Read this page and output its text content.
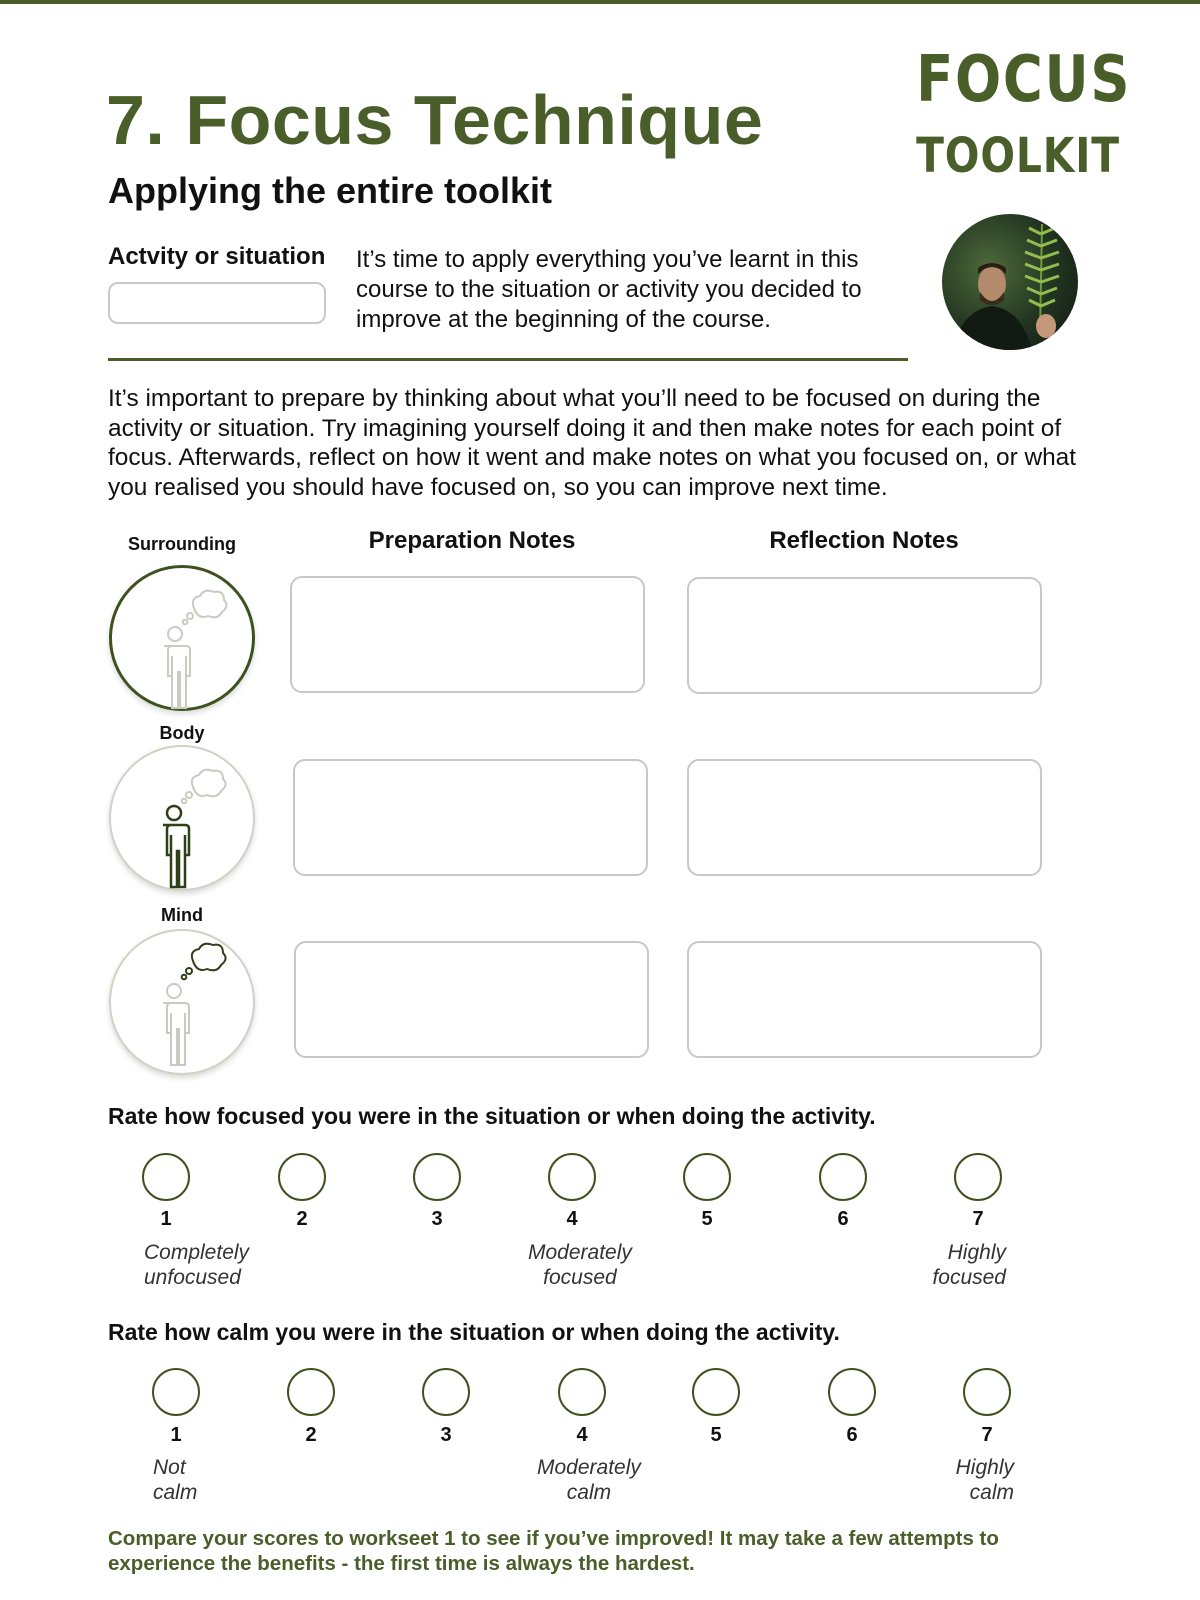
7. Focus Technique
Applying the entire toolkit
FOCUS
TOOLKIT
Actvity or situation It’s time to apply everything you’ve learnt in this course to the situation or activity you decided to improve at the beginning of the course.
It’s important to prepare by thinking about what you’ll need to be focused on during the activity or situation. Try imagining yourself doing it and then make notes for each point of focus. Afterwards, reflect on how it went and make notes on what you focused on, or what you realised you should have focused on, so you can improve next time.
Surrounding	Preparation Notes	Reflection Notes
Body
Mind
Rate how focused you were in the situation or when doing the activity.
1	2	3	4	5	6	7
Completely
unfocused
Moderately
focused
Highly
focused
Rate how calm you were in the situation or when doing the activity.
1	2	3	4	5	6	7
Not
calm
Moderately
calm
Highly
calm
Compare your scores to workseet 1 to see if you’ve improved! It may take a few attempts to experience the benefits - the first time is always the hardest.
